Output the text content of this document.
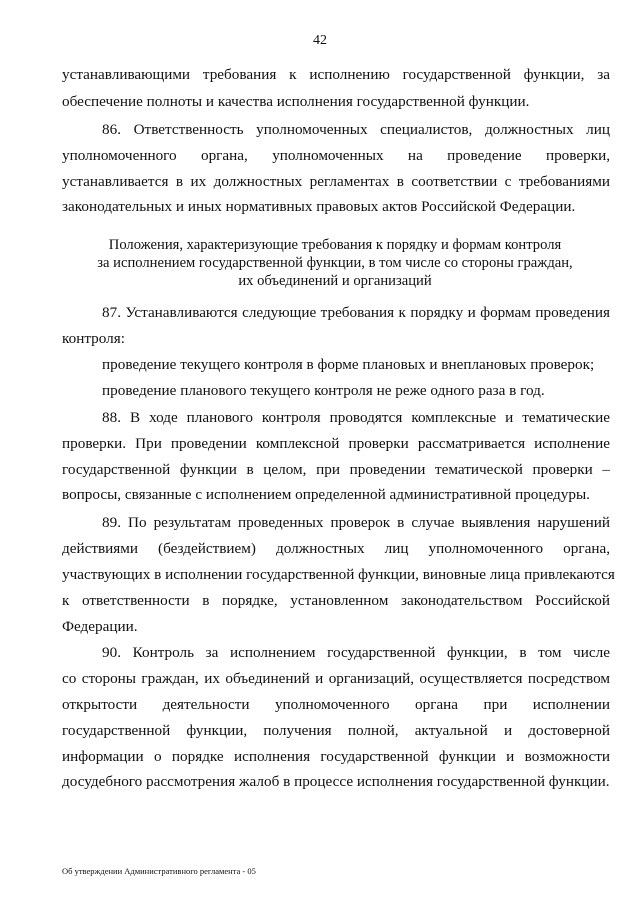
42
устанавливающими требования к исполнению государственной функции, за
обеспечение полноты и качества исполнения государственной функции.
86. Ответственность уполномоченных специалистов, должностных лиц
уполномоченного органа, уполномоченных на проведение проверки,
устанавливается в их должностных регламентах в соответствии с требованиями
законодательных и иных нормативных правовых актов Российской Федерации.
Положения, характеризующие требования к порядку и формам контроля
за исполнением государственной функции, в том числе со стороны граждан,
их объединений и организаций
87. Устанавливаются следующие требования к порядку и формам проведения
контроля:
проведение текущего контроля в форме плановых и внеплановых проверок;
проведение планового текущего контроля не реже одного раза в год.
88. В ходе планового контроля проводятся комплексные и тематические
проверки. При проведении комплексной проверки рассматривается исполнение
государственной функции в целом, при проведении тематической проверки –
вопросы, связанные с исполнением определенной административной процедуры.
89. По результатам проведенных проверок в случае выявления нарушений
действиями (бездействием) должностных лиц уполномоченного органа,
участвующих в исполнении государственной функции, виновные лица привлекаются
к ответственности в порядке, установленном законодательством Российской
Федерации.
90. Контроль за исполнением государственной функции, в том числе
со стороны граждан, их объединений и организаций, осуществляется посредством
открытости деятельности уполномоченного органа при исполнении
государственной функции, получения полной, актуальной и достоверной
информации о порядке исполнения государственной функции и возможности
досудебного рассмотрения жалоб в процессе исполнения государственной функции.
Об утверждении Административного регламента - 05
